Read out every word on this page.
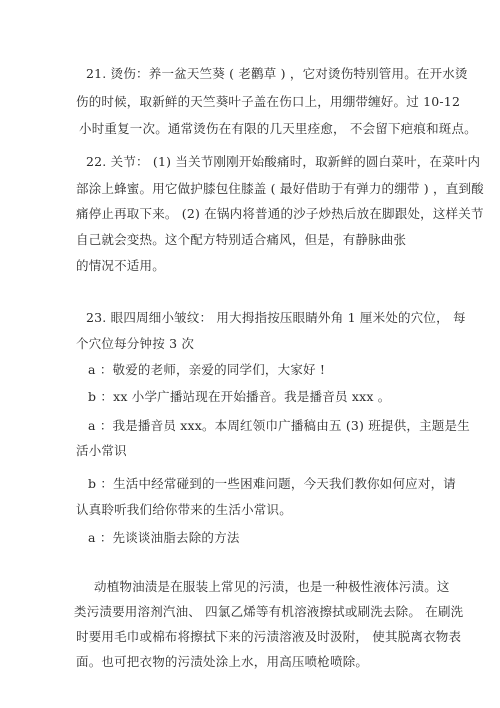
21. 烫伤：养一盆天竺葵 ( 老鹳草 ) ，它对烫伤特别管用。在开水烫
伤的时候，取新鲜的天竺葵叶子盖在伤口上，用绷带缠好。过 10-12
小时重复一次。通常烫伤在有限的几天里痊愈， 不会留下疤痕和斑点。
22. 关节： (1) 当关节刚刚开始酸痛时，取新鲜的圆白菜叶，在菜叶内
部涂上蜂蜜。用它做护膝包住膝盖 ( 最好借助于有弹力的绷带 ) ，直到酸
痛停止再取下来。 (2) 在锅内将普通的沙子炒热后放在脚跟处，这样关节
自己就会变热。这个配方特别适合痛风，但是，有静脉曲张
的情况不适用。
23. 眼四周细小皱纹： 用大拇指按压眼睛外角 1 厘米处的穴位， 每
个穴位每分钟按 3 次
a ：敬爱的老师，亲爱的同学们，大家好 !
b ：xx 小学广播站现在开始播音。我是播音员 xxx 。
a ：我是播音员 xxx。本周红领巾广播稿由五 (3) 班提供，主题是生
活小常识
b ：生活中经常碰到的一些困难问题，今天我们教你如何应对，请
认真聆听我们给你带来的生活小常识。
a ：先谈谈油脂去除的方法
动植物油渍是在服装上常见的污渍，也是一种极性液体污渍。这
类污渍要用溶剂汽油、 四氯乙烯等有机溶液擦拭或刷洗去除。 在刷洗
时要用毛巾或棉布将擦拭下来的污渍溶液及时汲附， 使其脱离衣物表
面。也可把衣物的污渍处涂上水，用高压喷枪喷除。
